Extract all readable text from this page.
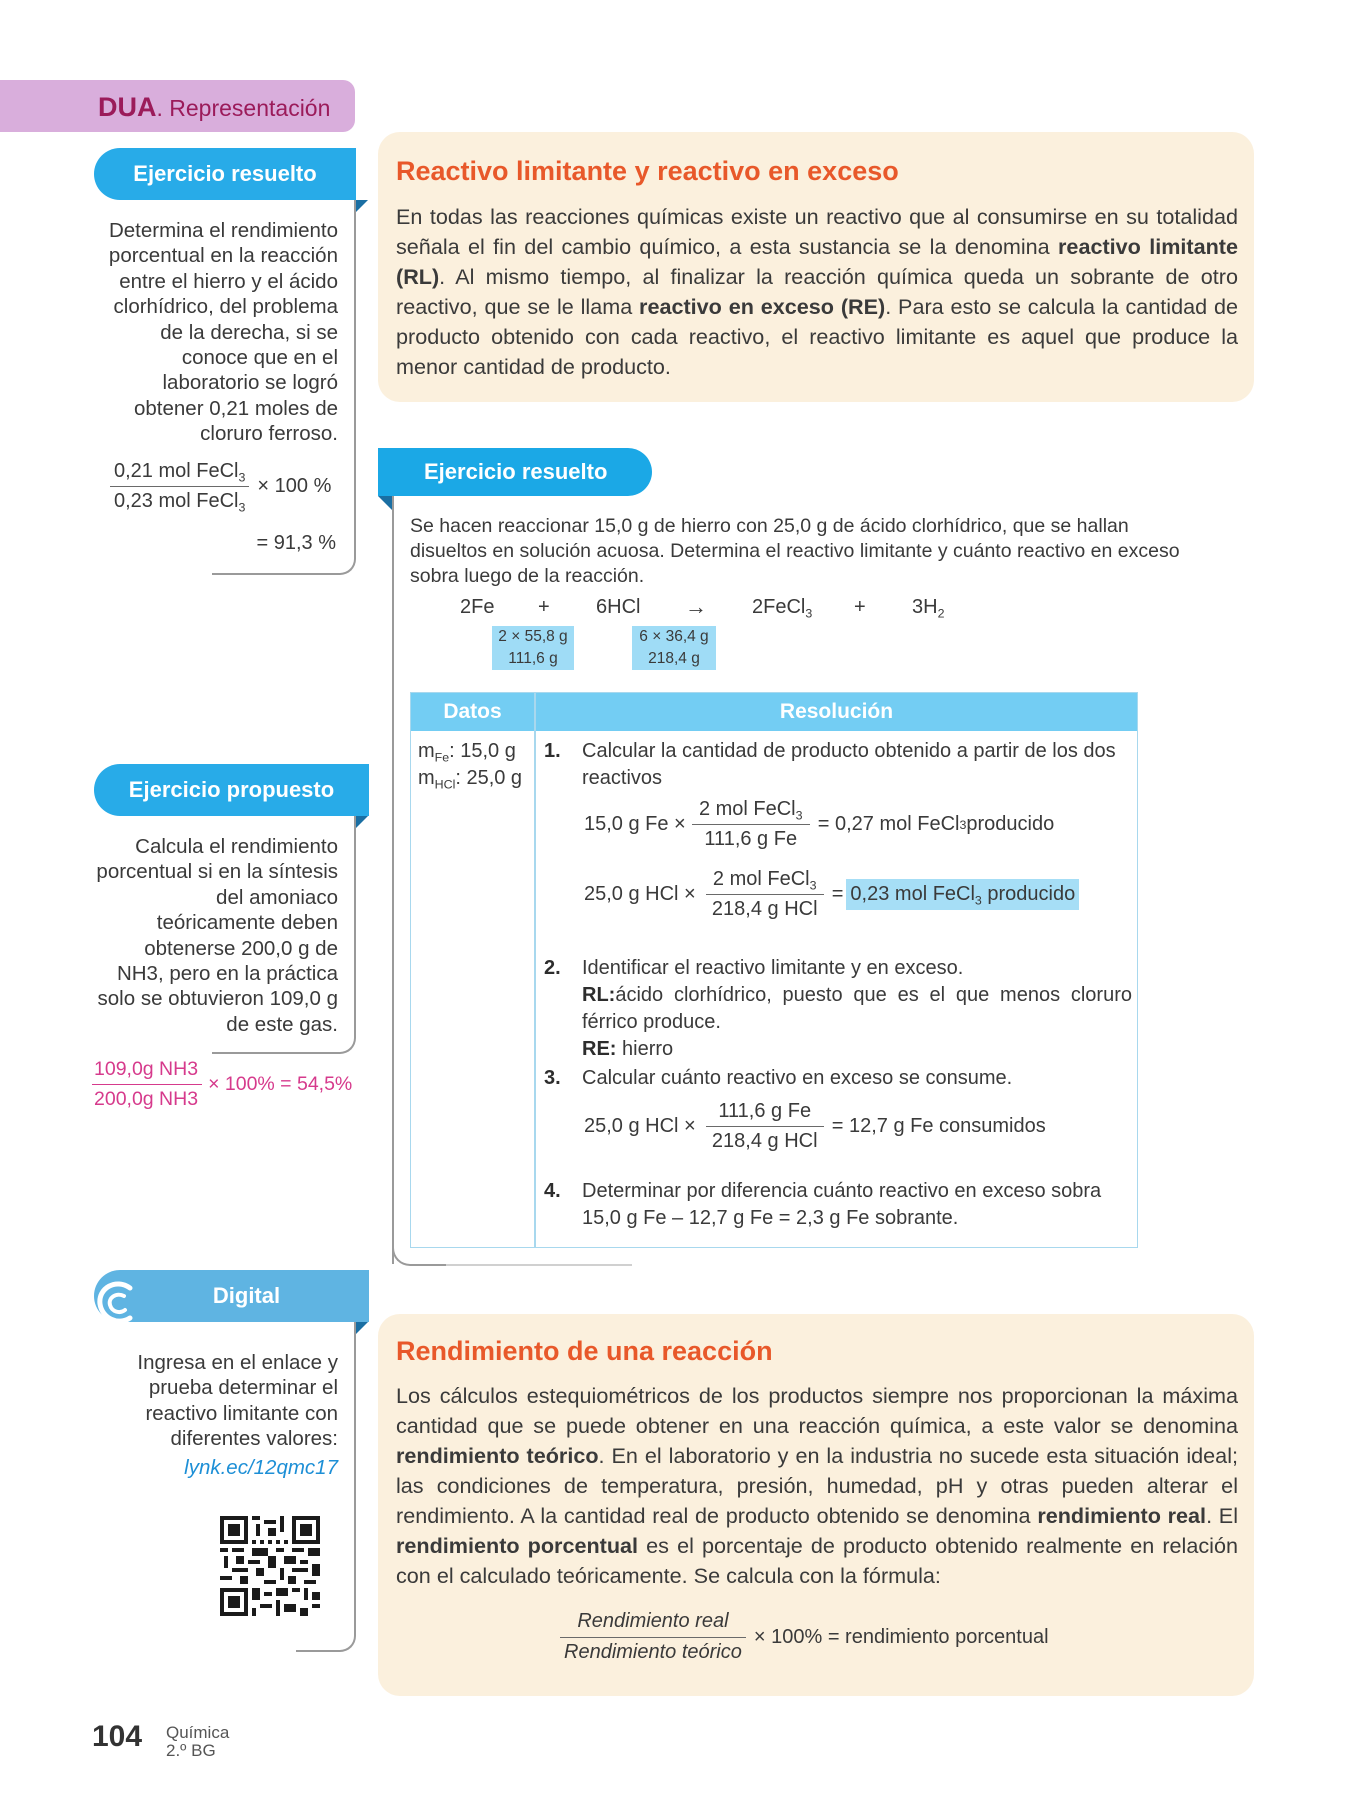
DUA. Representación
Ejercicio resuelto
Determina el rendimiento
porcentual en la reacción
entre el hierro y el ácido
clorhídrico, del problema
de la derecha, si se
conoce que en el
laboratorio se logró
obtener 0,21 moles de
cloruro ferroso.
$\frac{0,21 mol FeCl_3}{0,23 mol FeCl_3} \times 100$ %
= 91,3 %
Ejercicio propuesto
Calcula el rendimiento
porcentual si en la síntesis
del amoniaco
teóricamente deben
obtenerse 200,0 g de
NH3, pero en la práctica
solo se obtuvieron 109,0 g
de este gas.
$\frac{\text{109,0g NH3}}{\text{200,0g NH3}} \times 100\% = 54,5\%$
Digital
Ingresa en el enlace y
prueba determinar el
reactivo limitante con
diferentes valores:
lynk.ec/12qmc17
Reactivo limitante y reactivo en exceso
En todas las reacciones químicas existe un reactivo que al consumirse en su totalidad señala el fin del cambio químico, a esta sustancia se la denomina reactivo limitante (RL). Al mismo tiempo, al finalizar la reacción química queda un sobrante de otro reactivo, que se le llama reactivo en exceso (RE). Para esto se calcula la cantidad de producto obtenido con cada reactivo, el reactivo limitante es aquel que produce la menor cantidad de producto.
Ejercicio resuelto
Se hacen reaccionar 15,0 g de hierro con 25,0 g de ácido clorhídrico, que se hallan
disueltos en solución acuosa. Determina el reactivo limitante y cuánto reactivo en exceso
sobra luego de la reacción.
2Fe + 6HCl → 2FeCl$_3$ + $3H_2$
2 × 55,8 g
111,6 g
6 × 36,4 g
218,4 g
Datos	Resolución
$m_{Fe}$: 15,0 g
$m_{HCl}$: 25,0 g
1. Calcular la cantidad de producto obtenido a partir de los dos
reactivos
15,0 g $Fe \times \frac{2 mol FeCl_3}{\text{111,6 g Fe}} = 0,27$ mol FeCl 3 producido
25,0 g HCl × $\frac{2 mol FeCl_3}{\text{218,4 g HCl}} = 0,23$ mol FeCl$_3$ producido
2. Identificar el reactivo limitante y en exceso.
RL: ácido clorhídrico, puesto que es el que menos cloruro
férrico produce.
RE: hierro
3. Calcular cuánto reactivo en exceso se consume.
25,0 g HCl × $\frac{\text{111,6 g Fe}}{\text{218,4 g HCl}} = 12,7$ g Fe consumidos
4. Determinar por diferencia cuánto reactivo en exceso sobra
15,0 g Fe – 12,7 g Fe = 2,3 g Fe sobrante.
Rendimiento de una reacción
Los cálculos estequiométricos de los productos siempre nos proporcionan la máxima cantidad que se puede obtener en una reacción química, a este valor se denomina rendimiento teórico. En el laboratorio y en la industria no sucede esta situación ideal; las condiciones de temperatura, presión, humedad, pH y otras pueden alterar el rendimiento. A la cantidad real de producto obtenido se denomina rendimiento real. El rendimiento porcentual es el porcentaje de producto obtenido realmente en relación con el calculado teóricamente. Se calcula con la fórmula:
$\frac{\text{Rendimiento real}}{\text{Rendimiento teórico}} \times 100\%$ = rendimiento porcentual
104 Química
2.º BG
